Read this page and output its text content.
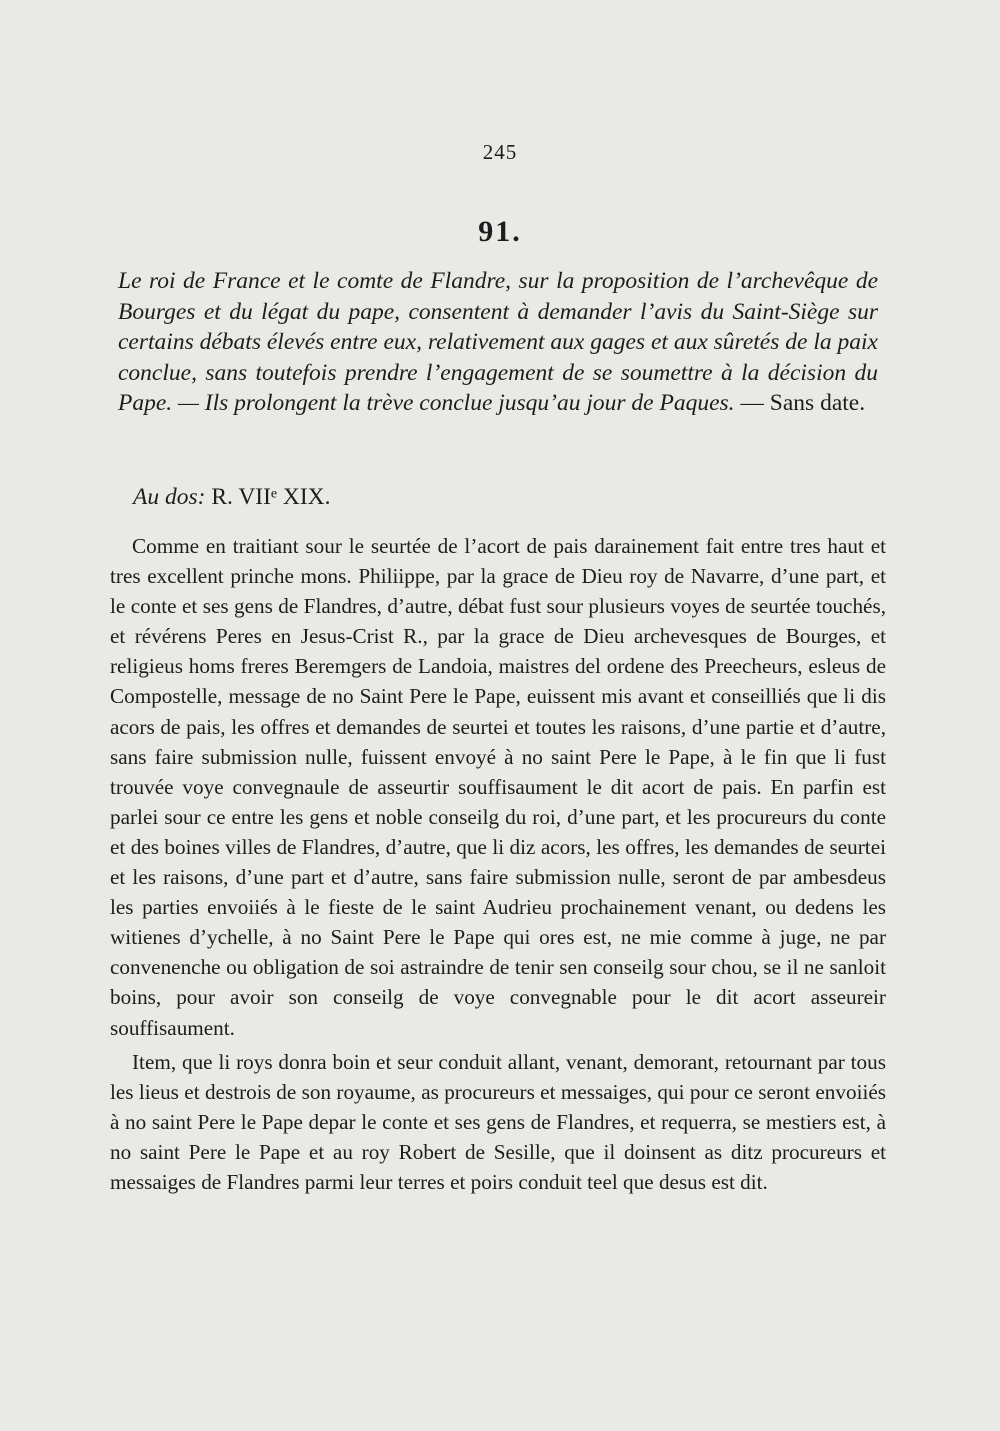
245
91.

Le roi de France et le comte de Flandre, sur la proposition de l’archevêque de Bourges et du légat du pape, consentent à demander l’avis du Saint-Siège sur certains débats élevés entre eux, relativement aux gages et aux sûretés de la paix conclue, sans toutefois prendre l’engagement de se soumettre à la décision du Pape. — Ils prolongent la trève conclue jusqu’au jour de Paques. — Sans date.

Au dos: R. VIIᵉ XIX.

Comme en traitiant sour le seurtée de l’acort de pais darainement fait entre tres haut et tres excellent prinche mons. Philiippe, par la grace de Dieu roy de Navarre, d’une part, et le conte et ses gens de Flandres, d’autre, débat fust sour plusieurs voyes de seurtée touchés, et révérens Peres en Jesus-Crist R., par la grace de Dieu archevesques de Bourges, et religieus homs freres Beremgers de Landoia, maistres del ordene des Preecheurs, esleus de Compostelle, message de no Saint Pere le Pape, euissent mis avant et conseilliés que li dis acors de pais, les offres et demandes de seurtei et toutes les raisons, d’une partie et d’autre, sans faire submission nulle, fuissent envoyé à no saint Pere le Pape, à le fin que li fust trouvée voye convegnaule de asseurtir souffisaument le dit acort de pais. En parfin est parlei sour ce entre les gens et noble conseilg du roi, d’une part, et les procureurs du conte et des boines villes de Flandres, d’autre, que li diz acors, les offres, les demandes de seurtei et les raisons, d’une part et d’autre, sans faire submission nulle, seront de par ambesdeus les parties envoiiés à le fieste de le saint Audrieu prochainement venant, ou dedens les witienes d’ychelle, à no Saint Pere le Pape qui ores est, ne mie comme à juge, ne par convenenche ou obligation de soi astraindre de tenir sen conseilg sour chou, se il ne sanloit boins, pour avoir son conseilg de voye convegnable pour le dit acort asseureir souffisaument.

Item, que li roys donra boin et seur conduit allant, venant, demorant, retournant par tous les lieus et destrois de son royaume, as procureurs et messaiges, qui pour ce seront envoiiés à no saint Pere le Pape depar le conte et ses gens de Flandres, et requerra, se mestiers est, à no saint Pere le Pape et au roy Robert de Sesille, que il doinsent as ditz procureurs et messaiges de Flandres parmi leur terres et poirs conduit teel que desus est dit.
